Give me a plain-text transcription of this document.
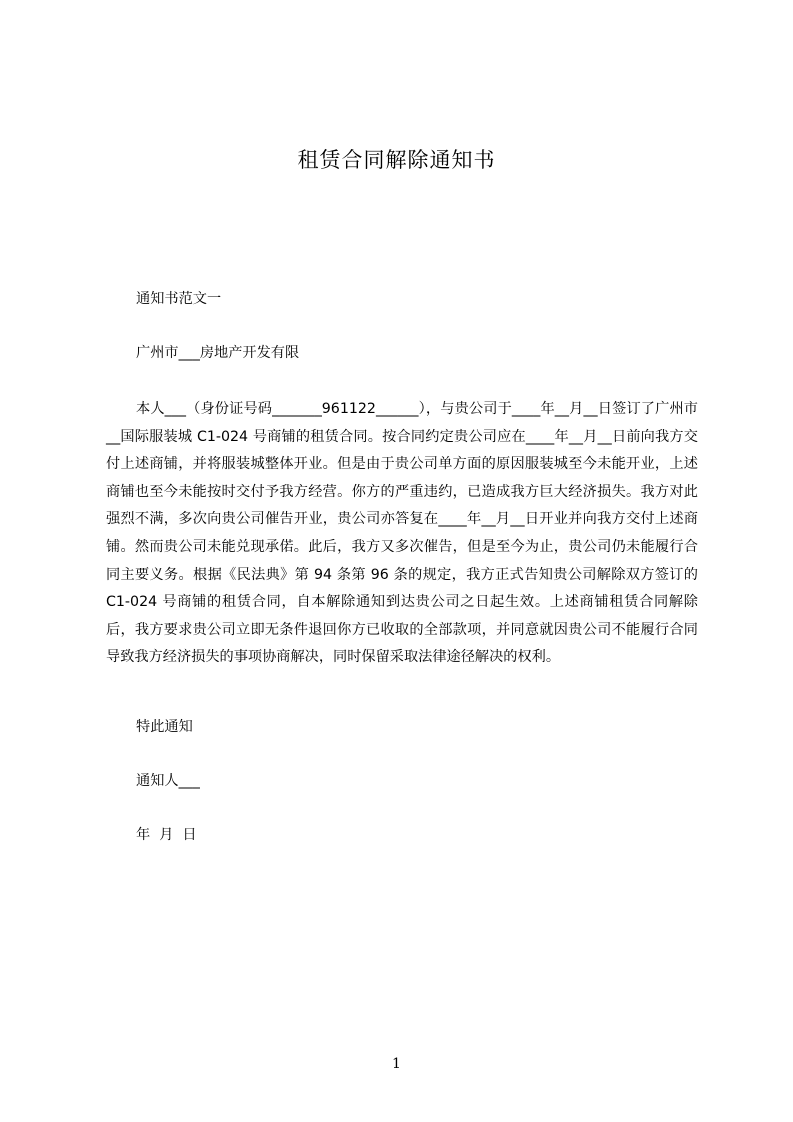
租赁合同解除通知书

通知书范文一

广州市___房地产开发有限

本人___（身份证号码_______961122______），与贵公司于____年__月__日签订了广州市__国际服装城 C1-024 号商铺的租赁合同。按合同约定贵公司应在____年__月__日前向我方交付上述商铺，并将服装城整体开业。但是由于贵公司单方面的原因服装城至今未能开业，上述商铺也至今未能按时交付予我方经营。你方的严重违约，已造成我方巨大经济损失。我方对此强烈不满，多次向贵公司催告开业，贵公司亦答复在____年__月__日开业并向我方交付上述商铺。然而贵公司未能兑现承偌。此后，我方又多次催告，但是至今为止，贵公司仍未能履行合同主要义务。根据《民法典》第 94 条第 96 条的规定，我方正式告知贵公司解除双方签订的 C1-024 号商铺的租赁合同，自本解除通知到达贵公司之日起生效。上述商铺租赁合同解除后，我方要求贵公司立即无条件退回你方已收取的全部款项，并同意就因贵公司不能履行合同导致我方经济损失的事项协商解决，同时保留采取法律途径解决的权利。

特此通知

通知人___

年  月  日

1
